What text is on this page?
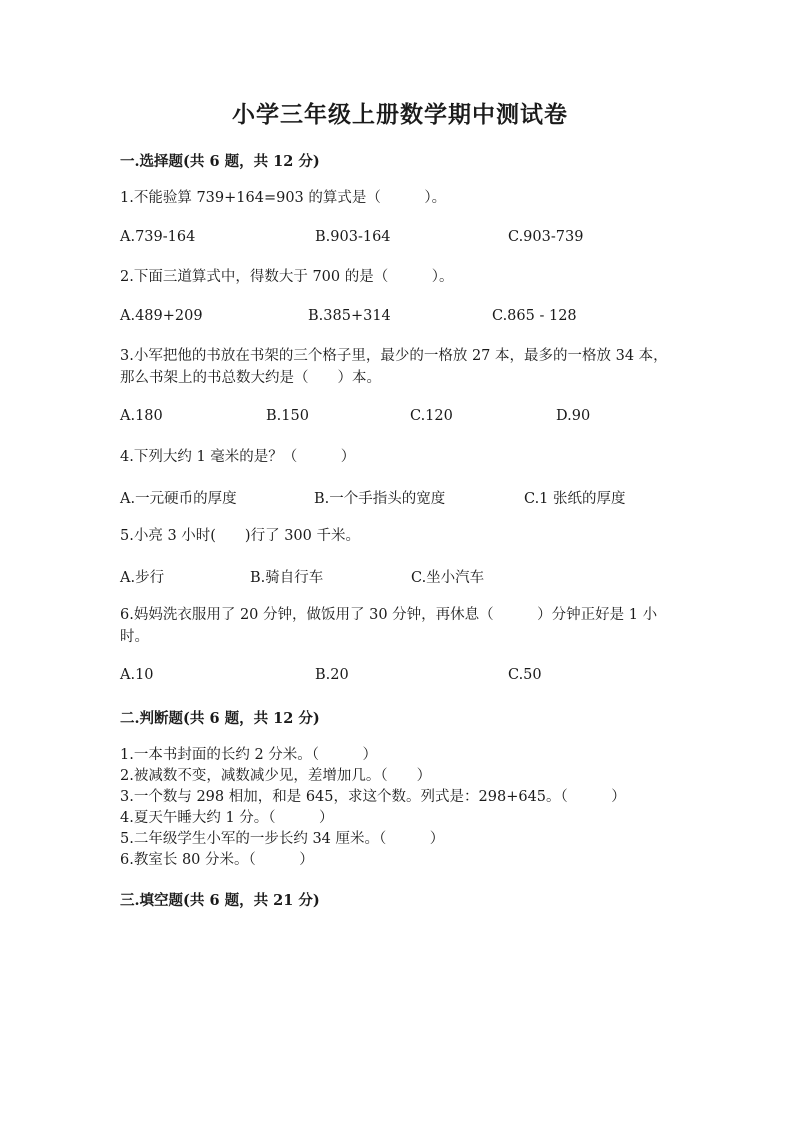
小学三年级上册数学期中测试卷
一.选择题(共 6 题，共 12 分)
1.不能验算 739+164=903 的算式是（　　　）。
A.739-164	B.903-164	C.903-739
2.下面三道算式中，得数大于 700 的是（　　　）。
A.489+209	B.385+314	C.865 - 128
3.小军把他的书放在书架的三个格子里，最少的一格放 27 本，最多的一格放 34 本，那么书架上的书总数大约是（　　）本。
A.180	B.150	C.120	D.90
4.下列大约 1 毫米的是？（　　　）
A.一元硬币的厚度	B.一个手指头的宽度	C.1 张纸的厚度
5.小亮 3 小时(　　)行了 300 千米。
A.步行	B.骑自行车	C.坐小汽车
6.妈妈洗衣服用了 20 分钟，做饭用了 30 分钟，再休息（　　　）分钟正好是 1 小时。
A.10	B.20	C.50
二.判断题(共 6 题，共 12 分)
1.一本书封面的长约 2 分米。（　　　）
2.被减数不变，减数减少见，差增加几。（　　）
3.一个数与 298 相加，和是 645，求这个数。列式是：298+645。（　　　）
4.夏天午睡大约 1 分。（　　　）
5.二年级学生小军的一步长约 34 厘米。（　　　）
6.教室长 80 分米。（　　　）
三.填空题(共 6 题，共 21 分)
